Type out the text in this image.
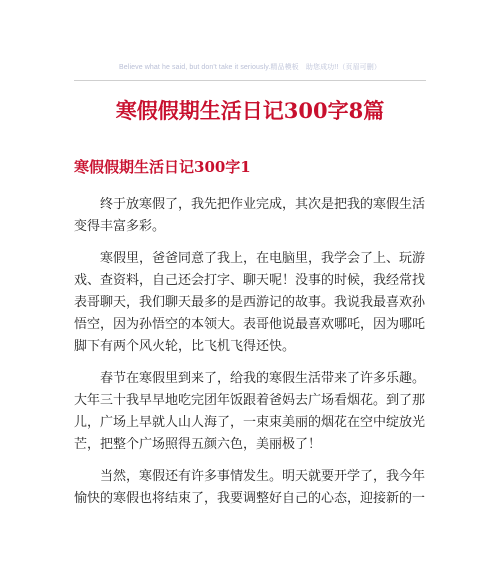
Believe what he said, but don't take it seriously.精品模板　助您成功!!（页眉可删）
寒假假期生活日记300字8篇
寒假假期生活日记300字1
终于放寒假了，我先把作业完成，其次是把我的寒假生活
变得丰富多彩。
寒假里，爸爸同意了我上，在电脑里，我学会了上、玩游
戏、查资料，自己还会打字、聊天呢！没事的时候，我经常找
表哥聊天，我们聊天最多的是西游记的故事。我说我最喜欢孙
悟空，因为孙悟空的本领大。表哥他说最喜欢哪吒，因为哪吒
脚下有两个风火轮，比飞机飞得还快。
春节在寒假里到来了，给我的寒假生活带来了许多乐趣。
大年三十我早早地吃完团年饭跟着爸妈去广场看烟花。到了那
儿，广场上早就人山人海了，一束束美丽的烟花在空中绽放光
芒，把整个广场照得五颜六色，美丽极了！
当然，寒假还有许多事情发生。明天就要开学了，我今年
愉快的寒假也将结束了，我要调整好自己的心态，迎接新的一
